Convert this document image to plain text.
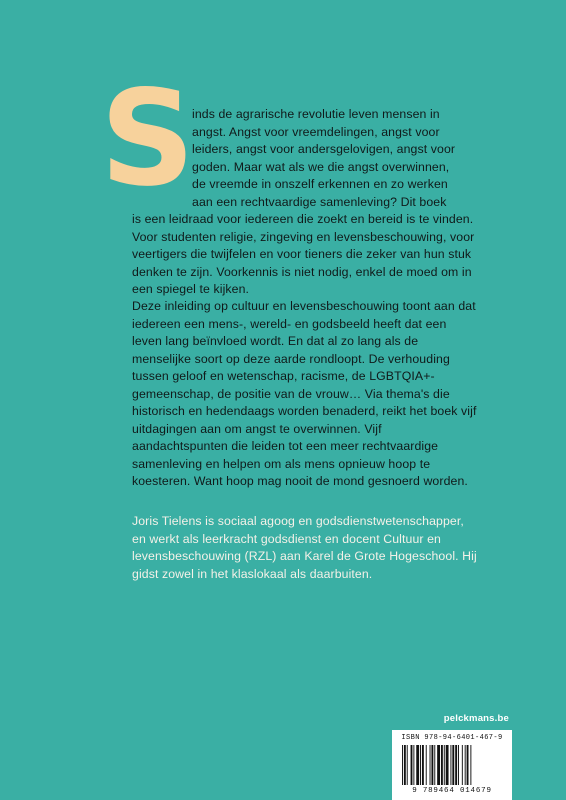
S

inds de agrarische revolutie leven mensen in
angst. Angst voor vreemdelingen, angst voor
leiders, angst voor andersgelovigen, angst voor
goden. Maar wat als we die angst overwinnen,
de vreemde in onszelf erkennen en zo werken
aan een rechtvaardige samenleving? Dit boek
is een leidraad voor iedereen die zoekt en bereid is te vinden. Voor studenten religie, zingeving en levensbeschouwing, voor veertigers die twijfelen en voor tieners die zeker van hun stuk denken te zijn. Voorkennis is niet nodig, enkel de moed om in een spiegel te kijken.

Deze inleiding op cultuur en levensbeschouwing toont aan dat iedereen een mens-, wereld- en godsbeeld heeft dat een leven lang beïnvloed wordt. En dat al zo lang als de menselijke soort op deze aarde rondloopt. De verhouding tussen geloof en wetenschap, racisme, de LGBTQIA+-gemeenschap, de positie van de vrouw… Via thema's die historisch en hedendaags worden benaderd, reikt het boek vijf uitdagingen aan om angst te overwinnen. Vijf aandachtspunten die leiden tot een meer rechtvaardige samenleving en helpen om als mens opnieuw hoop te koesteren. Want hoop mag nooit de mond gesnoerd worden.

Joris Tielens is sociaal agoog en godsdienstwetenschapper, en werkt als leerkracht godsdienst en docent Cultuur en levensbeschouwing (RZL) aan Karel de Grote Hogeschool. Hij gidst zowel in het klaslokaal als daarbuiten.

pelckmans.be
ISBN 978-94-6401-467-9
9 789464 014679
